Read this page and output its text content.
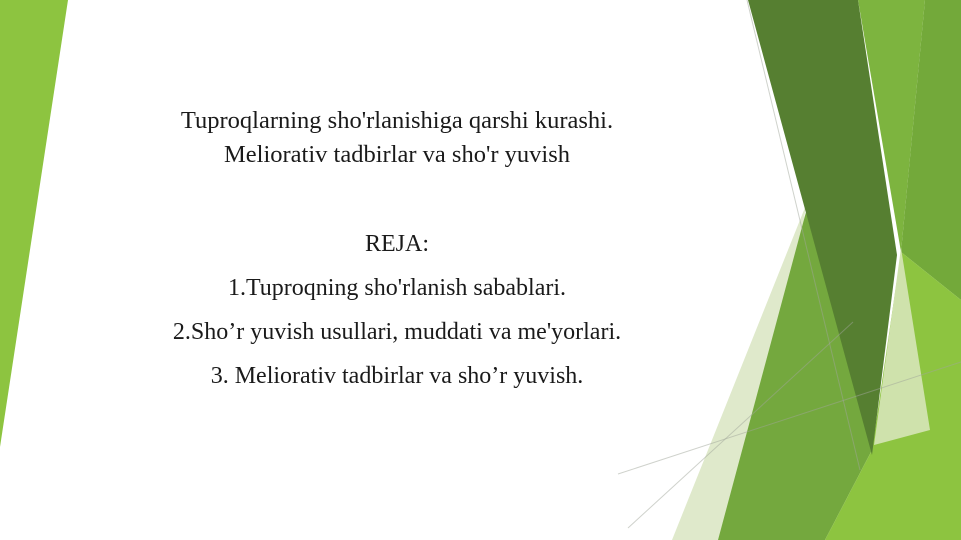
Tuproqlarning sho'rlanishiga qarshi kurashi.

Meliorativ tadbirlar va sho'r yuvish

REJA:

1.Tuproqning sho'rlanish sabablari.

2.Sho’r yuvish usullari, muddati va me'yorlari.

3. Meliorativ tadbirlar va sho’r yuvish.
